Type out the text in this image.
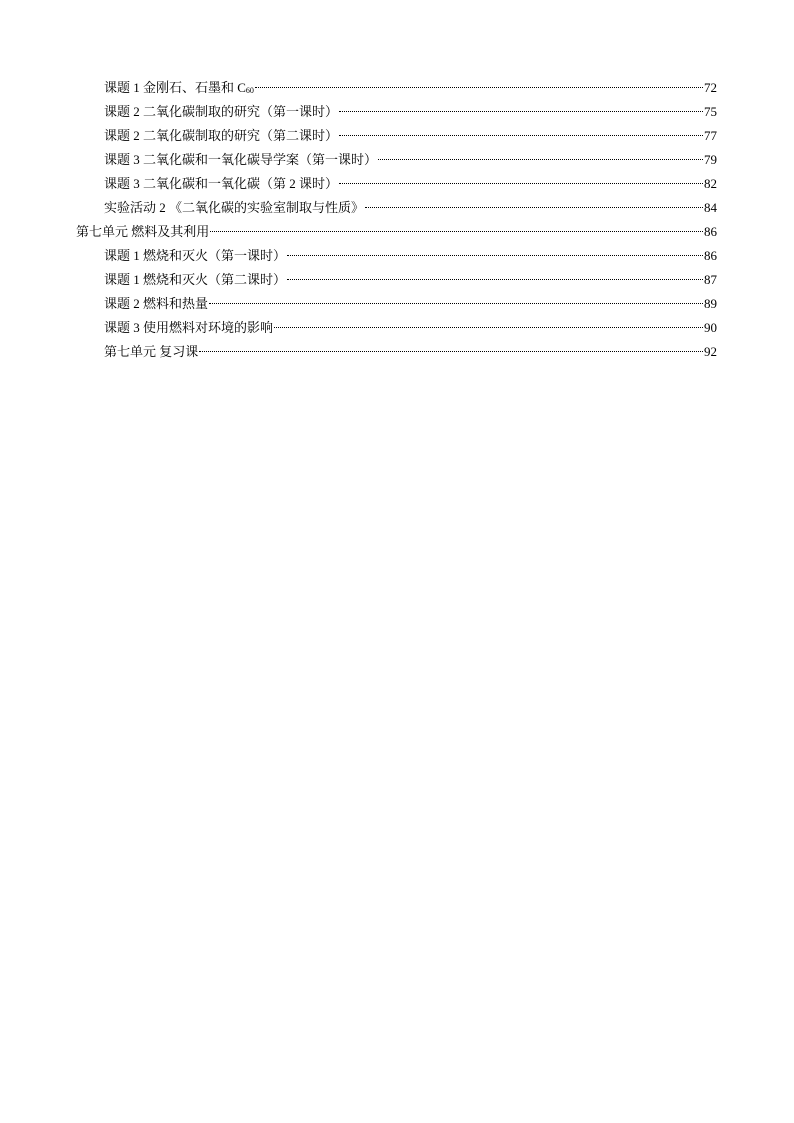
课题 1 金刚石、石墨和 $C_{60}$	72
课题 2 二氧化碳制取的研究（第一课时）	75
课题 2 二氧化碳制取的研究（第二课时）	77
课题 3 二氧化碳和一氧化碳导学案（第一课时）	79
课题 3 二氧化碳和一氧化碳（第 2 课时）	82
实验活动 2 《二氧化碳的实验室制取与性质》	84
第七单元 燃料及其利用	86
课题 1 燃烧和灭火（第一课时）	86
课题 1 燃烧和灭火（第二课时）	87
课题 2 燃料和热量	89
课题 3 使用燃料对环境的影响	90
第七单元 复习课	92
